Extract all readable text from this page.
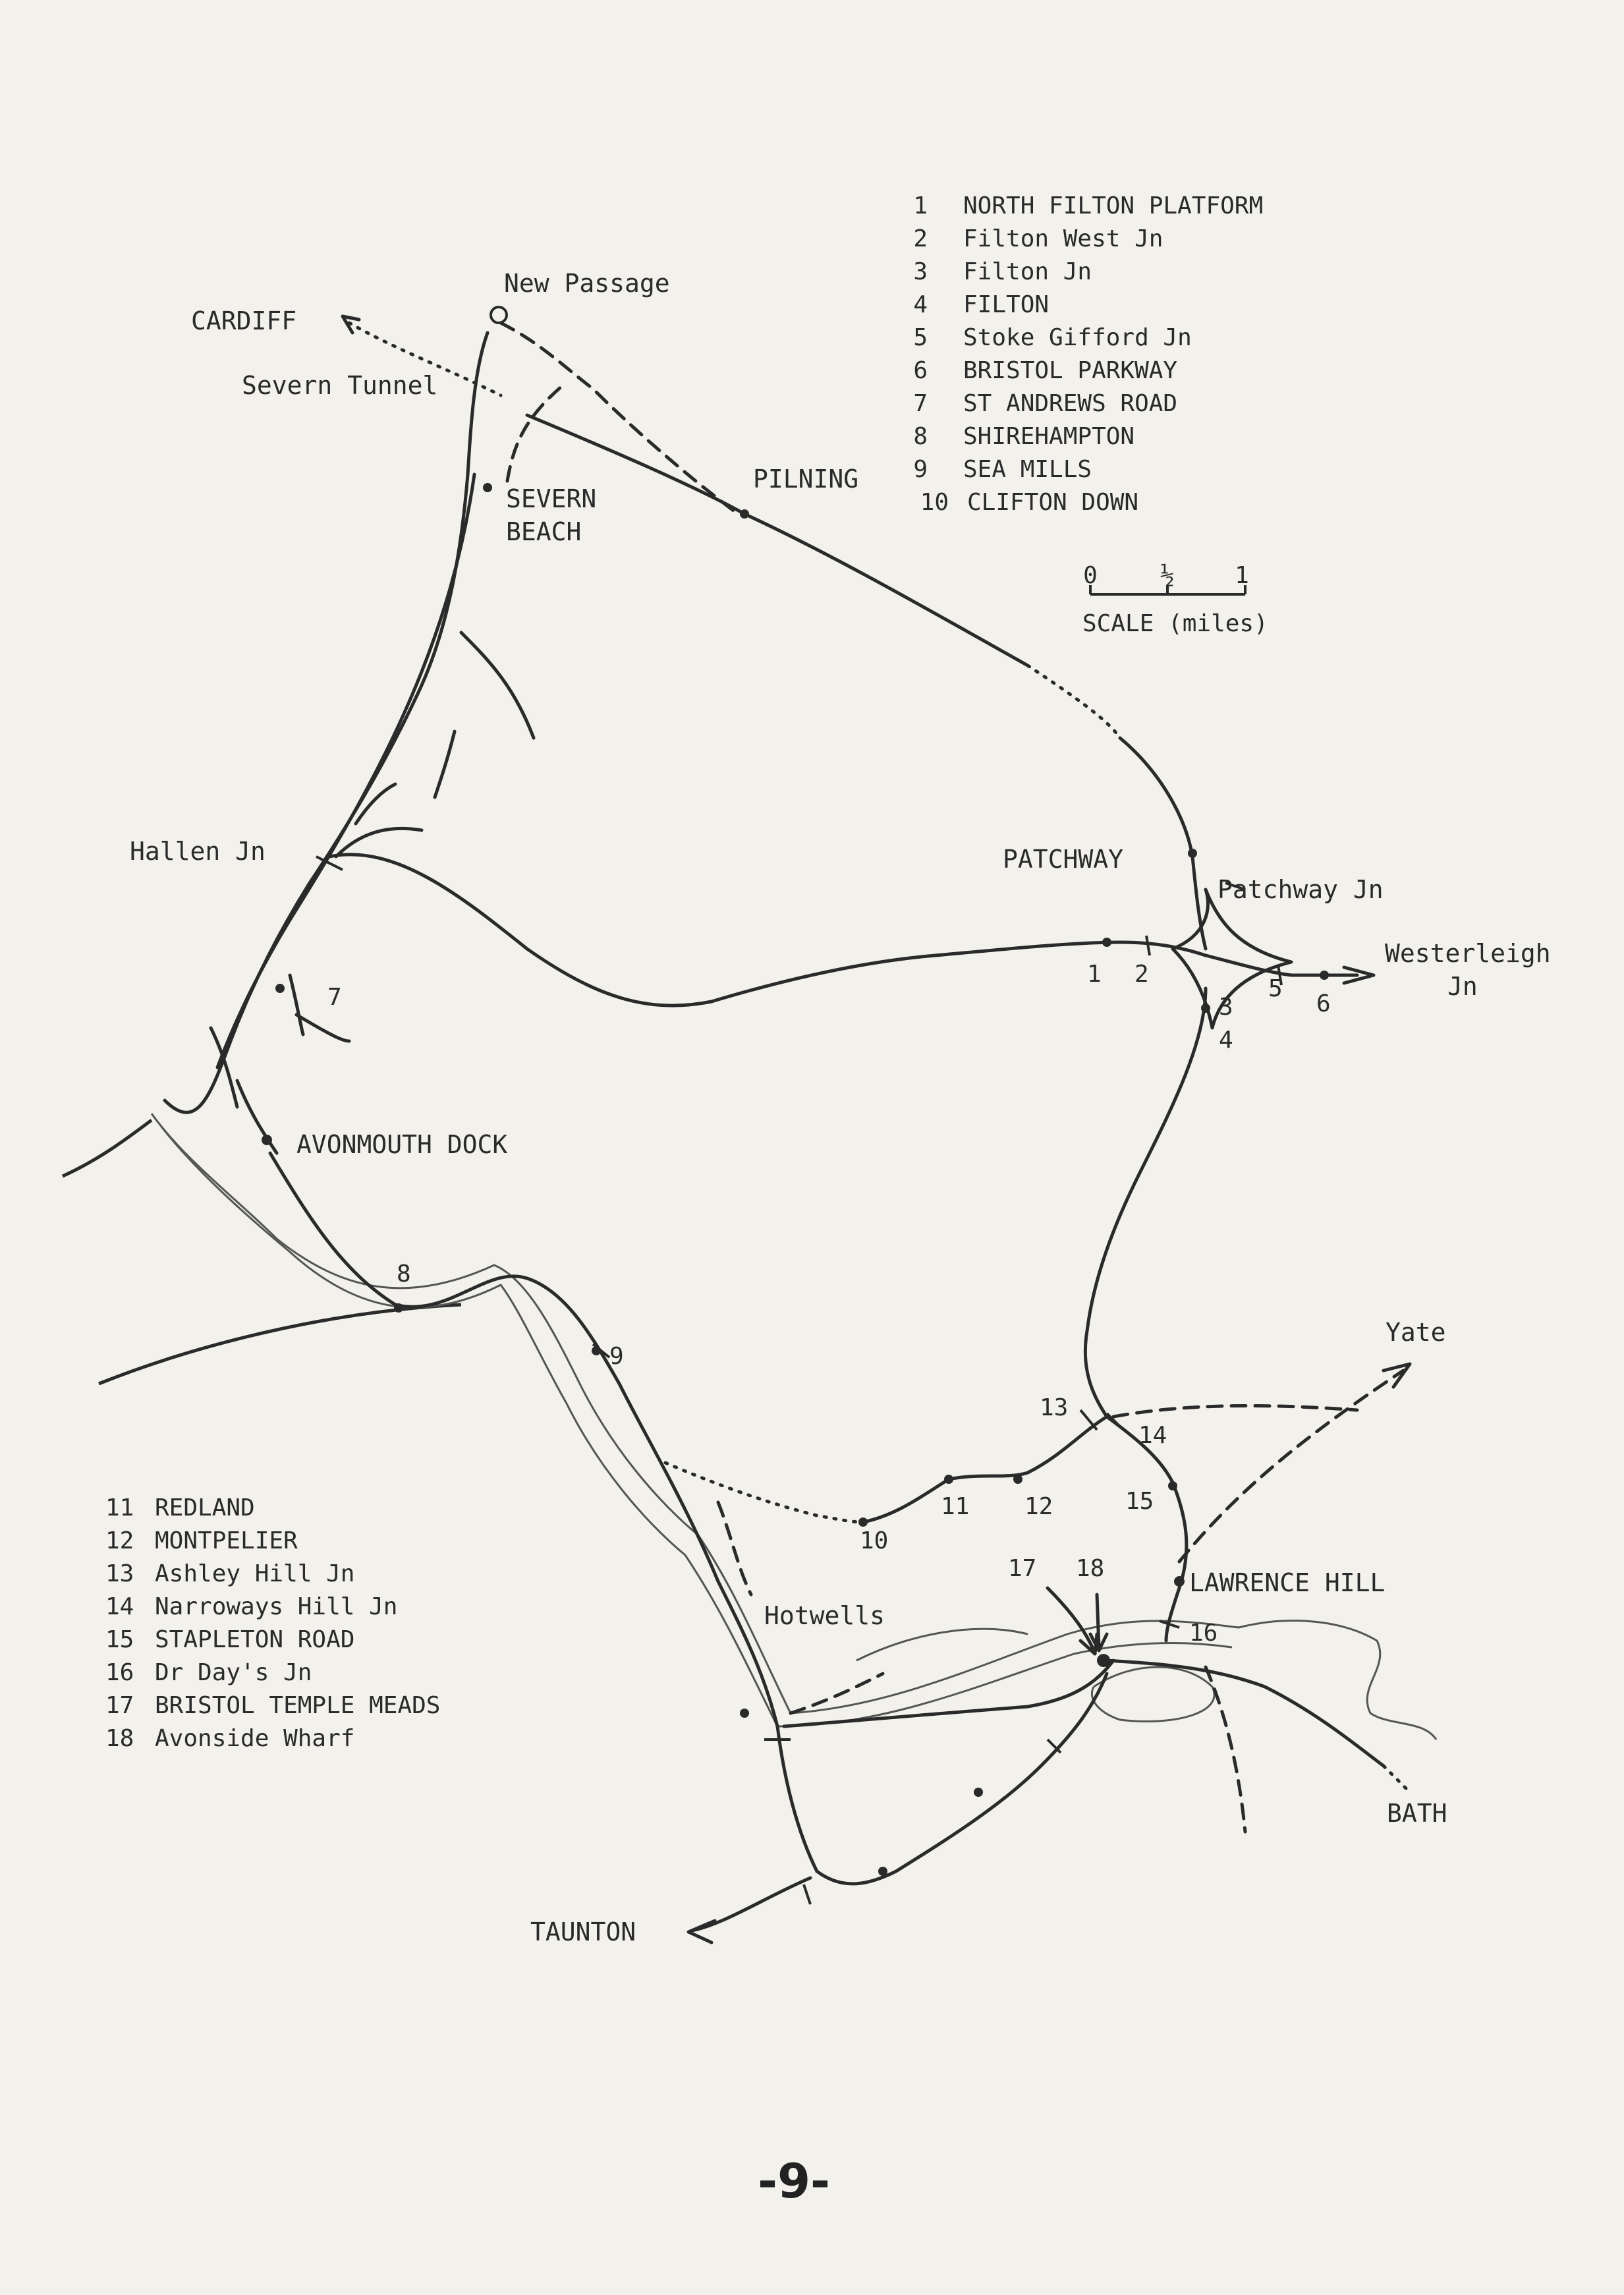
1 NORTH FILTON PLATFORM
2 Filton West Jn
3 Filton Jn
4 FILTON
5 Stoke Gifford Jn
6 BRISTOL PARKWAY
7 ST ANDREWS ROAD
8 SHIREHAMPTON
9 SEA MILLS
10 CLIFTON DOWN
0	½	1
SCALE (miles)
New Passage
CARDIFF
Severn Tunnel
PILNING
SEVERN
BEACH
Hallen Jn	PATCHWAY
Patchway Jn
Westerleigh
Jn
AVONMOUTH DOCK
Yate
LAWRENCE HILL
Hotwells
BATH
TAUNTON
1 2
3
4
5
6
7
8
9
10
11 12
13
14
15
16
17 18
11 REDLAND
12 MONTPELIER
13 Ashley Hill Jn
14 Narroways Hill Jn
15 STAPLETON ROAD
16 Dr Day's Jn
17 BRISTOL TEMPLE MEADS
18 Avonside Wharf
-9-
